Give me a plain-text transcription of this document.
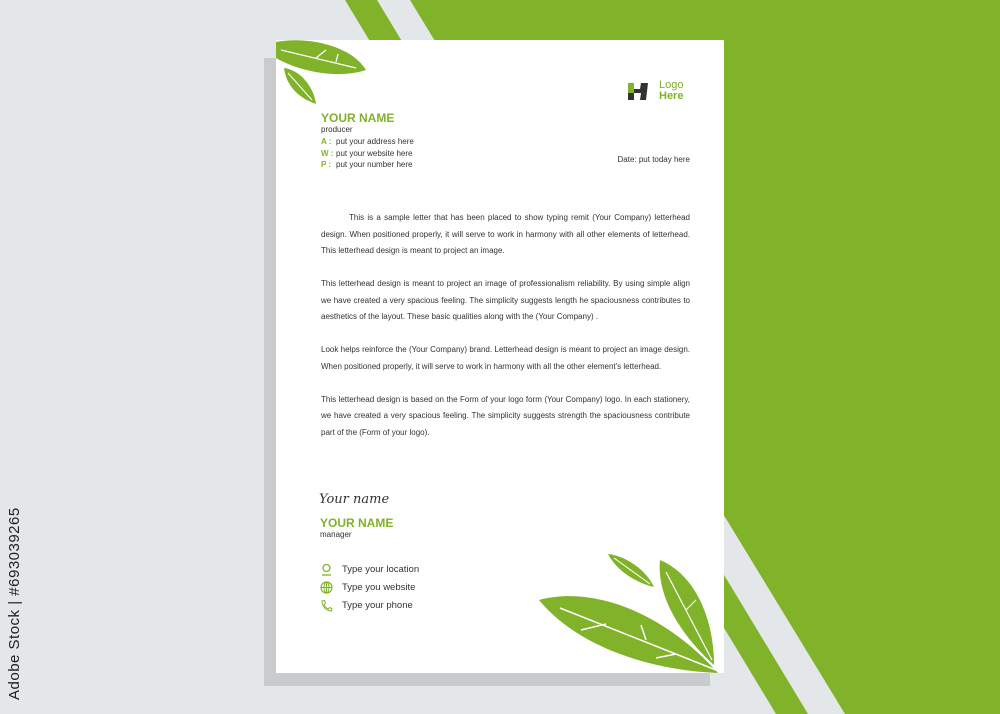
Adobe Stock | #693039265
Logo
Here
YOUR NAME
producer
A : put your address here
W : put your website here
P : put your number here
Date: put today here

This is a sample letter that has been placed to show typing remit (Your Company) letterhead design. When positioned properly, it will serve to work in harmony with all other elements of letterhead. This letterhead design is meant to project an image.

This letterhead design is meant to project an image of professionalism reliability. By using simple align we have created a very spacious feeling. The simplicity suggests length he spaciousness contributes to aesthetics of the layout. These basic qualities along with the (Your Company) .

Look helps reinforce the (Your Company) brand. Letterhead design is meant to project an image design. When positioned properly, it will serve to work in harmony with all the other element's letterhead.

This letterhead design is based on the Form of your logo form (Your Company) logo. In each stationery, we have created a very spacious feeling. The simplicity suggests strength the spaciousness contribute part of the (Form of your logo).

Your name
YOUR NAME
manager
Type your location
Type you website
Type your phone
